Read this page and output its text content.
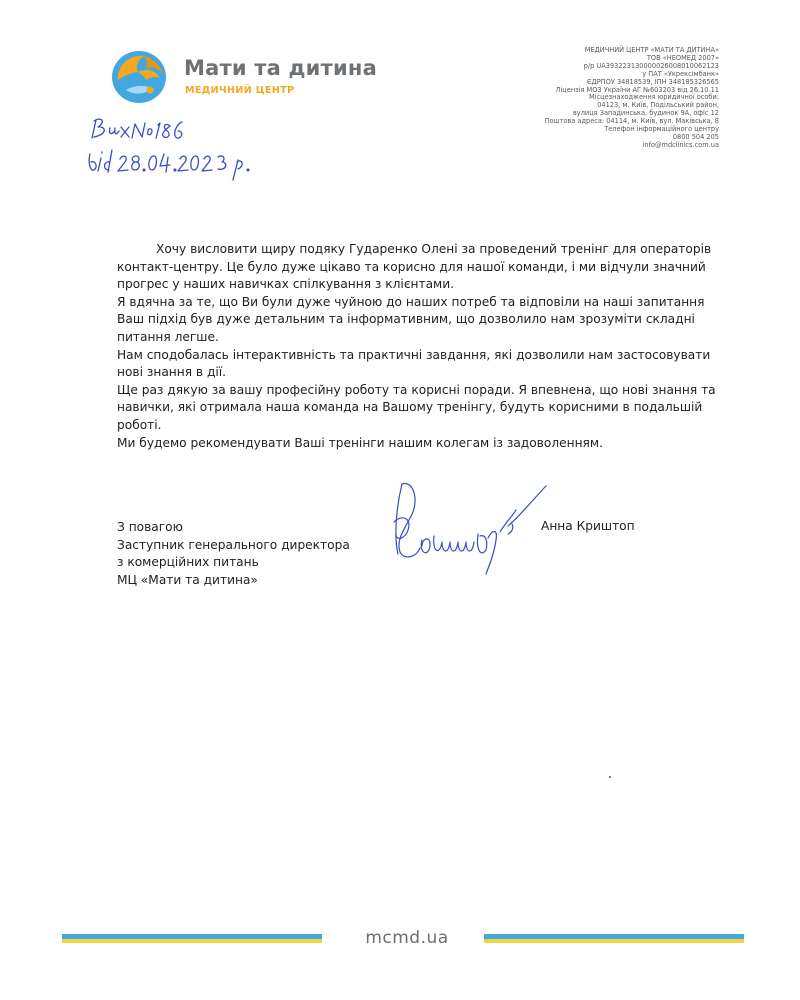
Мати та дитина
МЕДИЧНИЙ ЦЕНТР
МЕДИЧНИЙ ЦЕНТР «МАТИ ТА ДИТИНА»
ТОВ «НЕОМЕД 2007»
р/р UA393223130000026008010062123
у ПАТ «Укрексімбанк»
ЄДРПОУ 34818539, ІПН 348185326565
Ліцензія МОЗ України АГ №603203 від 26.10.11
Місцезнаходження юридичної особи:
04123, м. Київ, Подільський район,
вулиця Западинська, будинок 9А, офіс 12
Поштова адреса: 04114, м. Київ, вул. Маківська, 8
Телефон інформаційного центру
0800 504 205
info@mdclinics.com.ua

Хочу висловити щиру подяку Гударенко Олені за проведений тренінг для операторів контакт-центру. Це було дуже цікаво та корисно для нашої команди, і ми відчули значний прогрес у наших навичках спілкування з клієнтами.

Я вдячна за те, що Ви були дуже чуйною до наших потреб та відповіли на наші запитання

Ваш підхід був дуже детальним та інформативним, що дозволило нам зрозуміти складні питання легше.

Нам сподобалась інтерактивність та практичні завдання, які дозволили нам застосовувати нові знання в дії.

Ще раз дякую за вашу професійну роботу та корисні поради. Я впевнена, що нові знання та навички, які отримала наша команда на Вашому тренінгу, будуть корисними в подальшій роботі.

Ми будемо рекомендувати Ваші тренінги нашим колегам із задоволенням.

З повагою
Заступник генерального директора
з комерційних питань
МЦ «Мати та дитина»
Анна Криштоп
mcmd.ua
